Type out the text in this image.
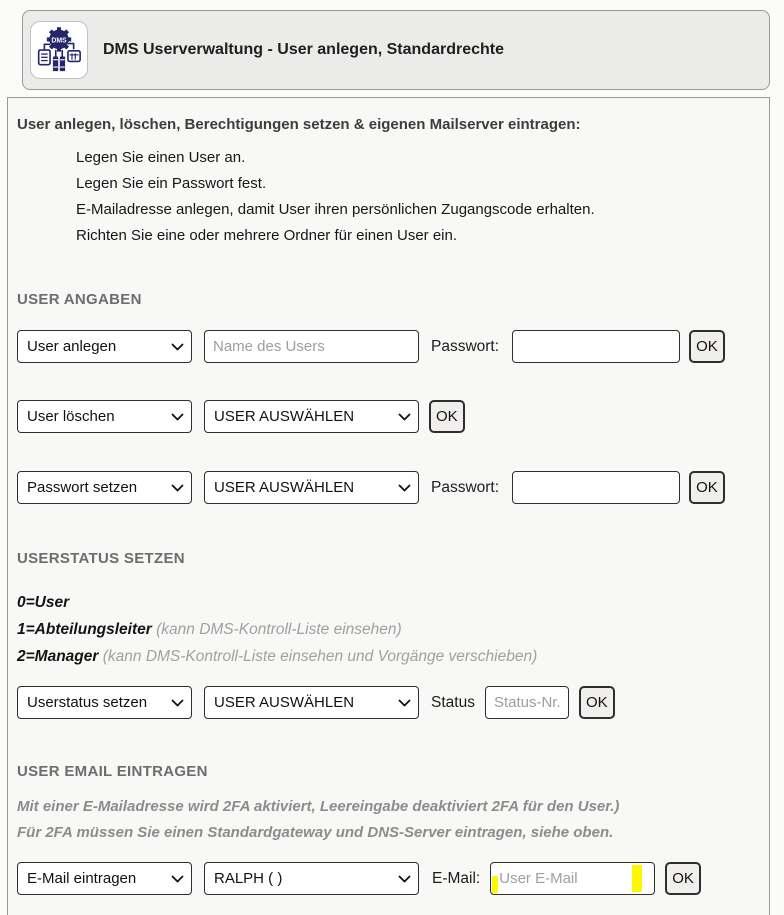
DMS
DMS Userverwaltung - User anlegen, Standardrechte
User anlegen, löschen, Berechtigungen setzen & eigenen Mailserver eintragen:
Legen Sie einen User an.
Legen Sie ein Passwort fest.
E-Mailadresse anlegen, damit User ihren persönlichen Zugangscode erhalten.
Richten Sie eine oder mehrere Ordner für einen User ein.
USER ANGABEN
User anlegen
Name des Users
Passwort:	OK
User löschen
USER AUSWÄHLEN
OK
Passwort setzen
USER AUSWÄHLEN
Passwort:	OK
USERSTATUS SETZEN
0=User
1=Abteilungsleiter (kann DMS-Kontroll-Liste einsehen)
2=Manager (kann DMS-Kontroll-Liste einsehen und Vorgänge verschieben)
Userstatus setzen
USER AUSWÄHLEN
Status
Status-Nr.	OK
USER EMAIL EINTRAGEN
Mit einer E-Mailadresse wird 2FA aktiviert, Leereingabe deaktiviert 2FA für den User.)
Für 2FA müssen Sie einen Standardgateway und DNS-Server eintragen, siehe oben.
E-Mail eintragen
RALPH ( )
E-Mail:
User E-Mail	OK
